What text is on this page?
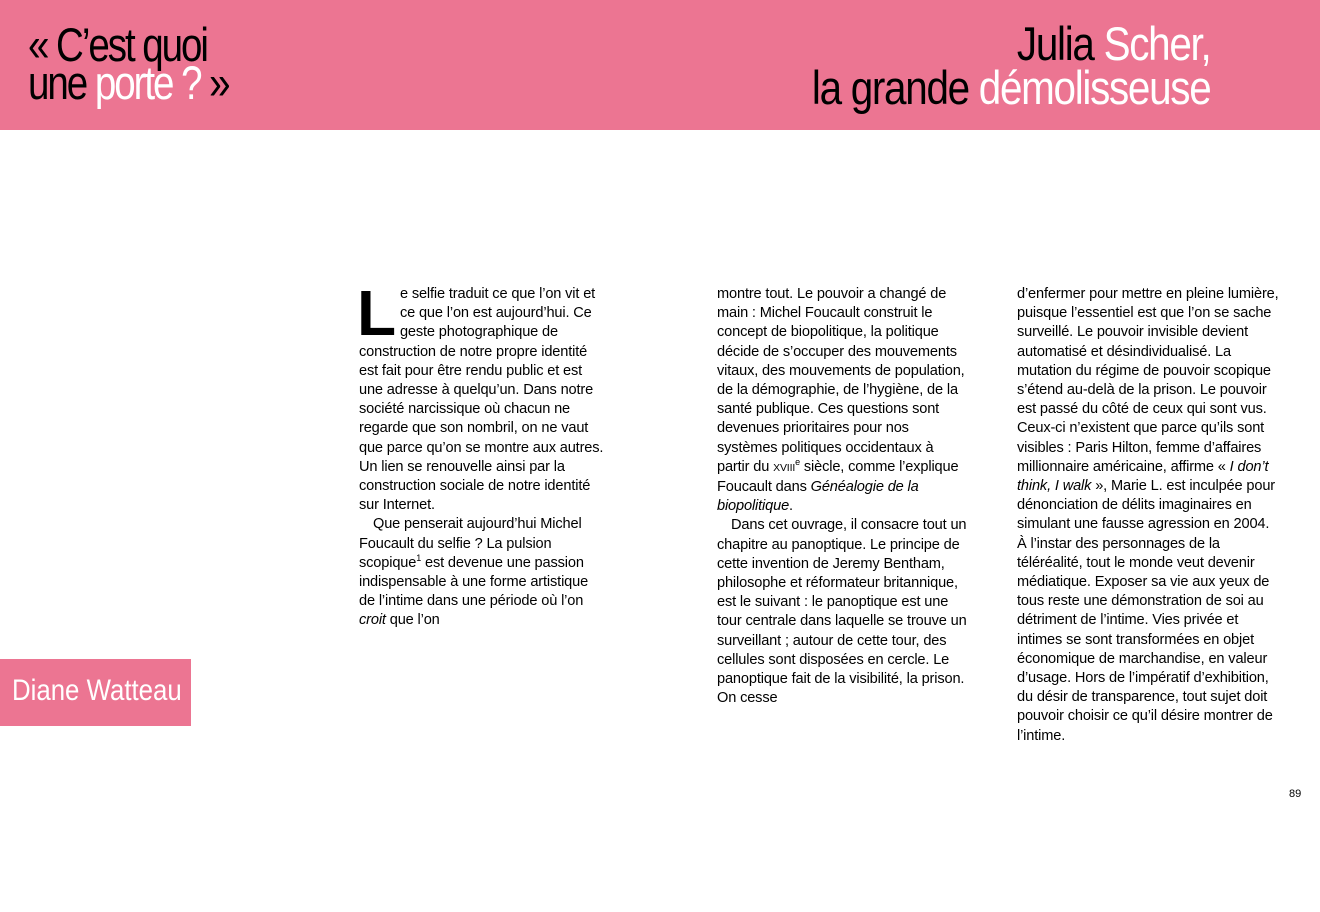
« C’est quoi
une porte ? »
Julia Scher,
la grande démolisseuse

Diane Watteau

Le selfie traduit ce que l’on vit et ce que l’on est aujourd’hui. Ce geste photographique de construction de notre propre identité est fait pour être rendu public et est une adresse à quelqu’un. Dans notre société narcissique où chacun ne regarde que son nombril, on ne vaut que parce qu’on se montre aux autres. Un lien se renouvelle ainsi par la construction sociale de notre identité sur Internet.

Que penserait aujourd’hui Michel Foucault du selfie ? La pulsion scopique$^1$ est devenue une passion indispensable à une forme artistique de l’intime dans une période où l’on croit que l’on

montre tout. Le pouvoir a changé de main : Michel Foucault construit le concept de biopolitique, la politique décide de s’occuper des mouvements vitaux, des mouvements de population, de la démographie, de l’hygiène, de la santé publique. Ces questions sont devenues prioritaires pour nos systèmes politiques occidentaux à partir du XVIIIe siècle, comme l’explique Foucault dans Généalogie de la biopolitique.

Dans cet ouvrage, il consacre tout un chapitre au panoptique. Le principe de cette invention de Jeremy Bentham, philosophe et réformateur britannique, est le suivant : le panoptique est une tour centrale dans laquelle se trouve un surveillant ; autour de cette tour, des cellules sont disposées en cercle. Le panoptique fait de la visibilité, la prison. On cesse

d’enfermer pour mettre en pleine lumière, puisque l’essentiel est que l’on se sache surveillé. Le pouvoir invisible devient automatisé et désindividualisé. La mutation du régime de pouvoir scopique s’étend au-delà de la prison. Le pouvoir est passé du côté de ceux qui sont vus. Ceux-ci n’existent que parce qu’ils sont visibles : Paris Hilton, femme d’affaires millionnaire américaine, affirme « I don’t think, I walk », Marie L. est inculpée pour dénonciation de délits imaginaires en simulant une fausse agression en 2004. À l’instar des personnages de la téléréalité, tout le monde veut devenir médiatique. Exposer sa vie aux yeux de tous reste une démonstration de soi au détriment de l’intime. Vies privée et intimes se sont transformées en objet économique de marchandise, en valeur d’usage. Hors de l’impératif d’exhibition, du désir de transparence, tout sujet doit pouvoir choisir ce qu’il désire montrer de l’intime.

89
